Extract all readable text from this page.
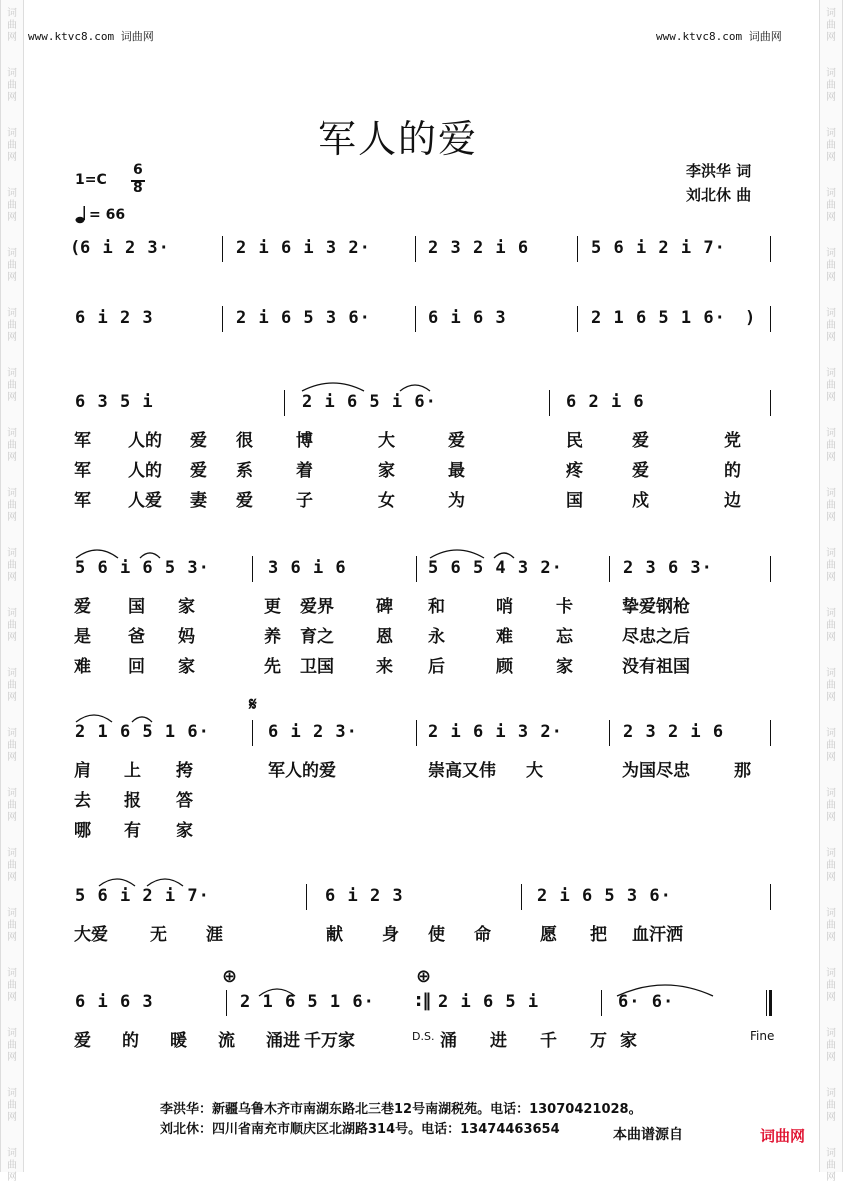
词
曲
网
词
曲
网
词
曲
网
词
曲
网
词
曲
网
词
曲
网
词
曲
网
词
曲
网
词
曲
网
词
曲
网
词
曲
网
词
曲
网
词
曲
网
词
曲
网
词
曲
网
词
曲
网
词
曲
网
词
曲
网
词
曲
网
词
曲
网
词
曲
网
词
曲
网
词
曲
网
词
曲
网
词
曲
网
词
曲
网
词
曲
网
词
曲
网
词
曲
网
词
曲
网
词
曲
网
词
曲
网
词
曲
网
词
曲
网
词
曲
网
词
曲
网
词
曲
网
词
曲
网
词
曲
网
词
曲
网
www.ktvc8.com 词曲网	www.ktvc8.com 词曲网
军人的爱
李洪华 词
刘北休 曲
1=C
6
8
= 66
(
6 i 2 3·	2 i 6 i 3 2·	2 3 2 i 6	5 6 i 2 i 7·
6 i 2 3	2 i 6 5 3 6·	6 i 6 3	2 1 6 5 1 6· )
6 3 5 i	2 i 6 5 i 6·	6 2 i 6
军 人的 爱 很	博	大	爱	民	爱	党
军 人的 爱 系	着	家	最	疼	爱	的
军 人爱 妻 爱	子	女	为	国	戍	边
5 6 i 6 5 3·	3 6 i 6	5 6 5 4 3 2·	2 3 6 3·
爱 国 家	更 爱界 碑 和	哨	卡	挚爱钢枪
是 爸 妈	养 育之 恩 永	难	忘	尽忠之后
难 回 家	先 卫国 来 后	顾	家	没有祖国
𝄋
2 1 6 5 1 6·	6 i 2 3·	2 i 6 i 3 2·	2 3 2 i 6
肩 上 挎	军人的爱	崇高又伟 大	为国尽忠	那
去 报 答
哪 有 家
5 6 i 2 i 7·	6 i 2 3	2 i 6 5 3 6·
大爱 无 涯	献 身 使 命	愿 把 血汗洒
⊕	⊕
6 i 6 3	2 1 6 5 1 6· :‖ 2 i 6 5 i	6· 6·
D.S.	Fine
爱 的 暖 流 涌进 千万家	涌 进 千 万 家
李洪华：新疆乌鲁木齐市南湖东路北三巷12号南湖税苑。电话：13070421028。
刘北休：四川省南充市顺庆区北湖路314号。电话：13474463654	本曲谱源自	词曲网
